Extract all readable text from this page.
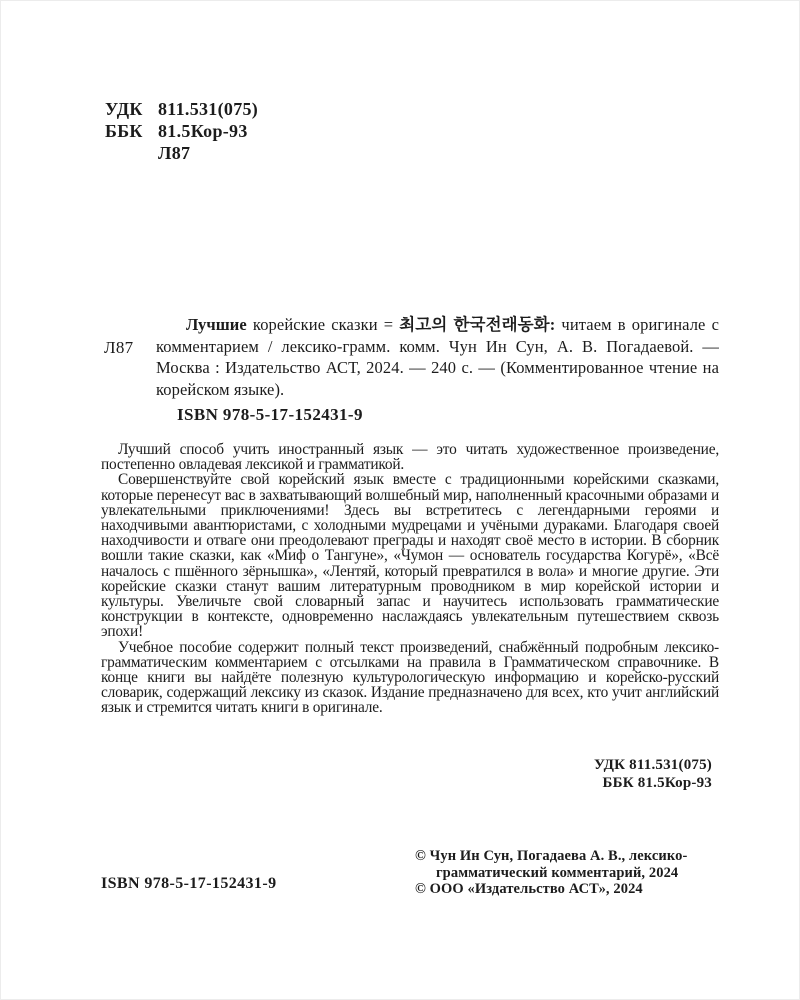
УДК 811.531(075)
ББК 81.5Кор-93
Л87
Л87

Лучшие корейские сказки = 최고의 한국전래동화: читаем в оригинале с комментарием / лексико-грамм. комм. Чун Ин Сун, А. В. Погадаевой. — Москва : Издательство АСТ, 2024. — 240 с. — (Комментированное чтение на корейском языке).

ISBN 978-5-17-152431-9

Лучший способ учить иностранный язык — это читать художественное произведение, постепенно овладевая лексикой и грамматикой.

Совершенствуйте свой корейский язык вместе с традиционными корейскими сказками, которые перенесут вас в захватывающий волшебный мир, наполненный красочными образами и увлекательными приключениями! Здесь вы встретитесь с легендарными героями и находчивыми авантюристами, с холодными мудрецами и учёными дураками. Благодаря своей находчивости и отваге они преодолевают преграды и находят своё место в истории. В сборник вошли такие сказки, как «Миф о Тангуне», «Чумон — основатель государства Когурё», «Всё началось с пшённого зёрнышка», «Лентяй, который превратился в вола» и многие другие. Эти корейские сказки станут вашим литературным проводником в мир корейской истории и культуры. Увеличьте свой словарный запас и научитесь использовать грамматические конструкции в контексте, одновременно наслаждаясь увлекательным путешествием сквозь эпохи!

Учебное пособие содержит полный текст произведений, снабжённый подробным лексико-грамматическим комментарием с отсылками на правила в Грамматическом справочнике. В конце книги вы найдёте полезную культурологическую информацию и корейско-русский словарик, содержащий лексику из сказок. Издание предназначено для всех, кто учит английский язык и стремится читать книги в оригинале.

УДК 811.531(075)
ББК 81.5Кор-93
ISBN 978-5-17-152431-9
© Чун Ин Сун, Погадаева А. В., лексико-
грамматический комментарий, 2024
© ООО «Издательство АСТ», 2024
